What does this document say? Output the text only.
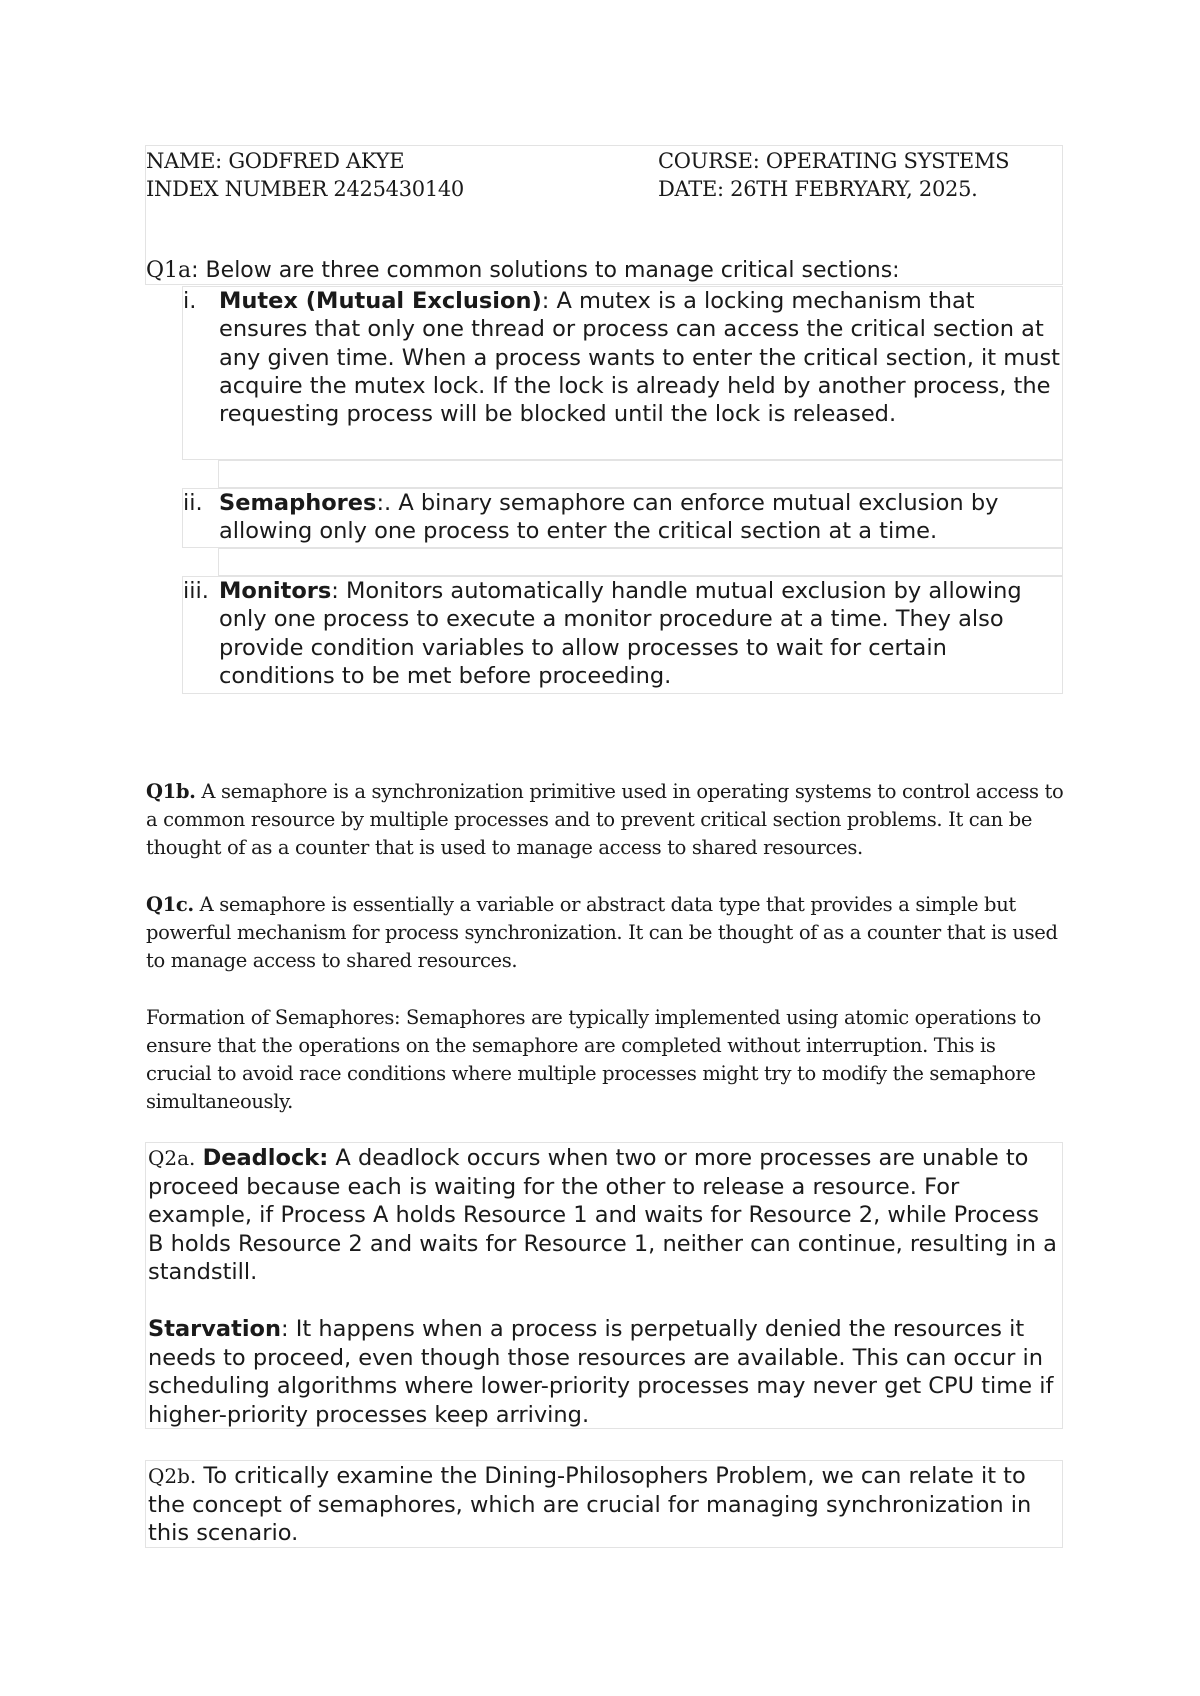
NAME: GODFRED AKYE	COURSE: OPERATING SYSTEMS
INDEX NUMBER 2425430140	DATE: 26TH FEBRYARY, 2025.
Q1a: Below are three common solutions to manage critical sections:
i.	Mutex (Mutual Exclusion): A mutex is a locking mechanism that ensures that only one thread or process can access the critical section at any given time. When a process wants to enter the critical section, it must acquire the mutex lock. If the lock is already held by another process, the requesting process will be blocked until the lock is released.
ii. Semaphores:. A binary semaphore can enforce mutual exclusion by allowing only one process to enter the critical section at a time.
iii. Monitors: Monitors automatically handle mutual exclusion by allowing only one process to execute a monitor procedure at a time. They also provide condition variables to allow processes to wait for certain conditions to be met before proceeding.
Q1b. A semaphore is a synchronization primitive used in operating systems to control access to a common resource by multiple processes and to prevent critical section problems. It can be thought of as a counter that is used to manage access to shared resources.
Q1c. A semaphore is essentially a variable or abstract data type that provides a simple but powerful mechanism for process synchronization. It can be thought of as a counter that is used to manage access to shared resources.
Formation of Semaphores: Semaphores are typically implemented using atomic operations to ensure that the operations on the semaphore are completed without interruption. This is crucial to avoid race conditions where multiple processes might try to modify the semaphore simultaneously.
Q2a. Deadlock: A deadlock occurs when two or more processes are unable to proceed because each is waiting for the other to release a resource. For example, if Process A holds Resource 1 and waits for Resource 2, while Process B holds Resource 2 and waits for Resource 1, neither can continue, resulting in a standstill.
Starvation: It happens when a process is perpetually denied the resources it needs to proceed, even though those resources are available. This can occur in scheduling algorithms where lower-priority processes may never get CPU time if higher-priority processes keep arriving.
Q2b. To critically examine the Dining-Philosophers Problem, we can relate it to the concept of semaphores, which are crucial for managing synchronization in this scenario.
